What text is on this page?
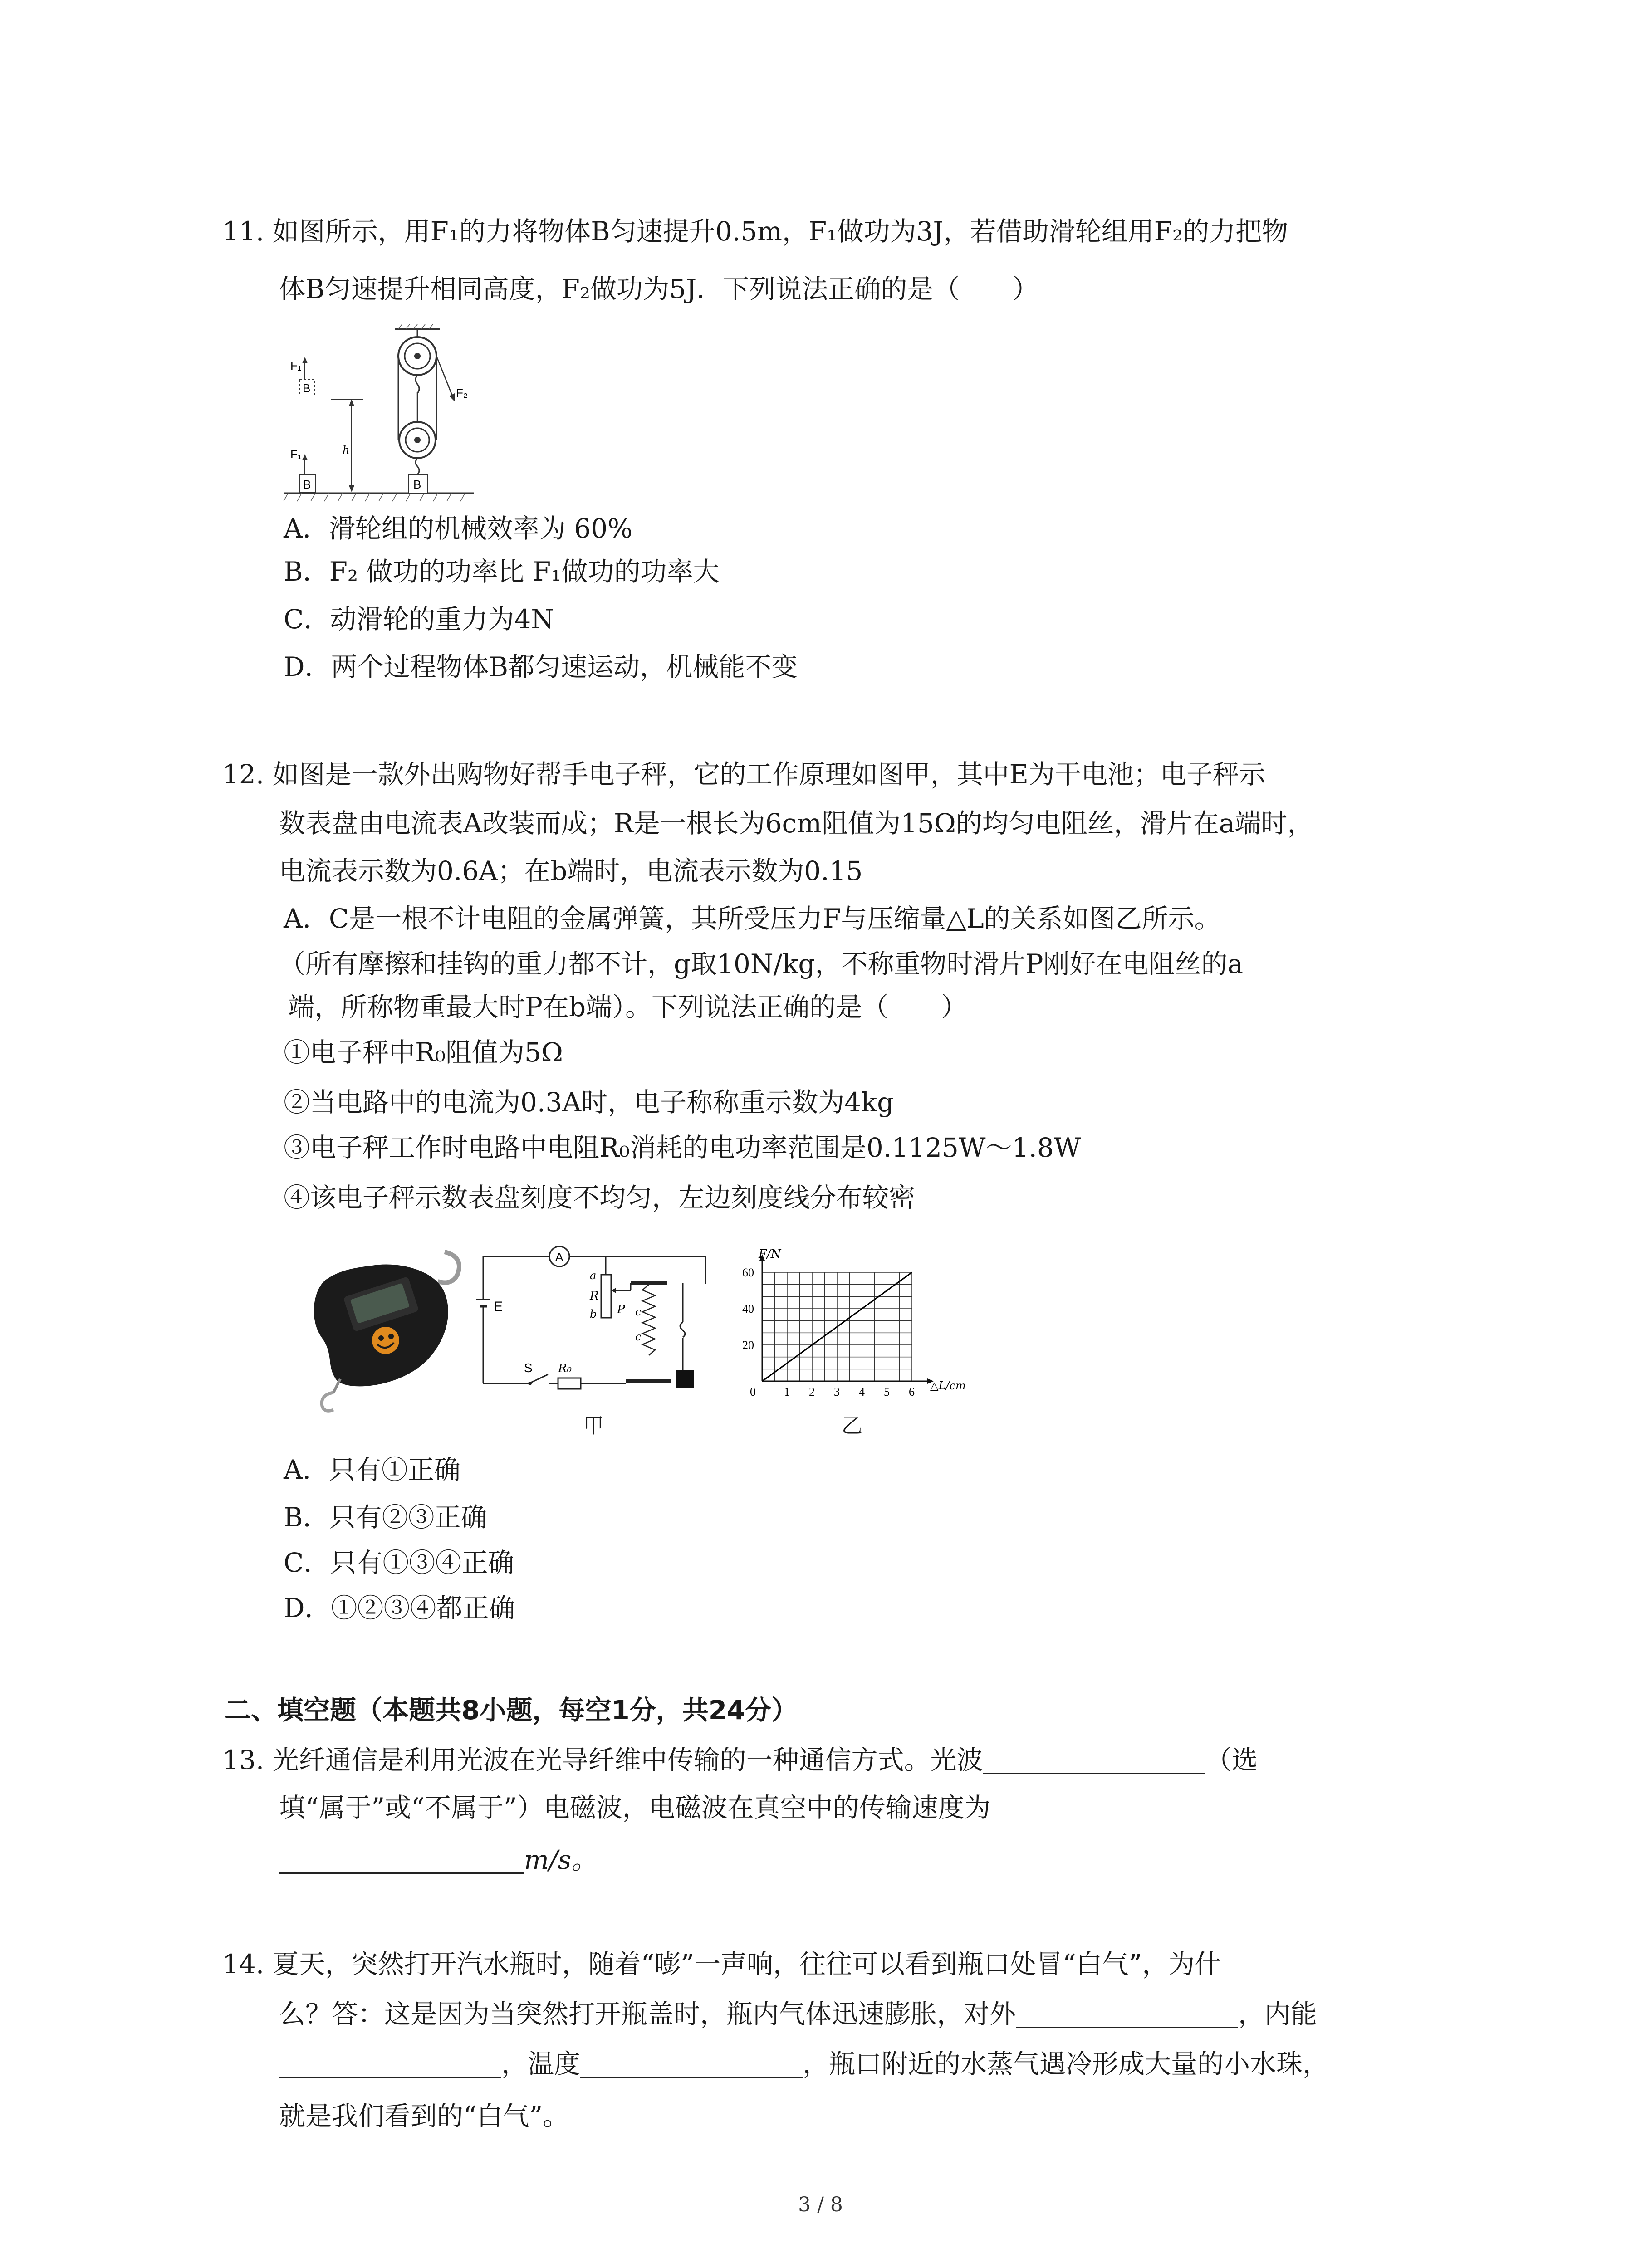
11. 如图所示，用F₁的力将物体B匀速提升0.5m，F₁做功为3J，若借助滑轮组用F₂的力把物
体B匀速提升相同高度，F₂做功为5J．下列说法正确的是（　　）
F₁
B
h
F₁
B
F₂
B
A．滑轮组的机械效率为 60%
B．F₂ 做功的功率比 F₁做功的功率大
C．动滑轮的重力为4N
D．两个过程物体B都匀速运动，机械能不变
12. 如图是一款外出购物好帮手电子秤，它的工作原理如图甲，其中E为干电池；电子秤示
数表盘由电流表A改装而成；R是一根长为6cm阻值为15Ω的均匀电阻丝，滑片在a端时，
电流表示数为0.6A；在b端时，电流表示数为0.15
A．C是一根不计电阻的金属弹簧，其所受压力F与压缩量△L的关系如图乙所示。
（所有摩擦和挂钩的重力都不计，g取10N/kg，不称重物时滑片P刚好在电阻丝的a
端，所称物重最大时P在b端）。下列说法正确的是（　　）
①电子秤中R₀阻值为5Ω
②当电路中的电流为0.3A时，电子称称重示数为4kg
③电子秤工作时电路中电阻R₀消耗的电功率范围是0.1125W～1.8W
④该电子秤示数表盘刻度不均匀，左边刻度线分布较密
A
E
S R₀
a
R
b P c
c
甲
0 1 2 3 4 5 6
20
40
60
F/N
△L/cm
乙
A．只有①正确
B．只有②③正确
C．只有①③④正确
D．①②③④都正确
二、填空题（本题共8小题，每空1分，共24分）
13. 光纤通信是利用光波在光导纤维中传输的一种通信方式。光波	（选
填“属于”或“不属于”）电磁波，电磁波在真空中的传输速度为
m/s。
14. 夏天，突然打开汽水瓶时，随着“嘭”一声响，往往可以看到瓶口处冒“白气”，为什
么？答：这是因为当突然打开瓶盖时，瓶内气体迅速膨胀，对外	，内能
，温度	，瓶口附近的水蒸气遇冷形成大量的小水珠，
就是我们看到的“白气”。
3 / 8
